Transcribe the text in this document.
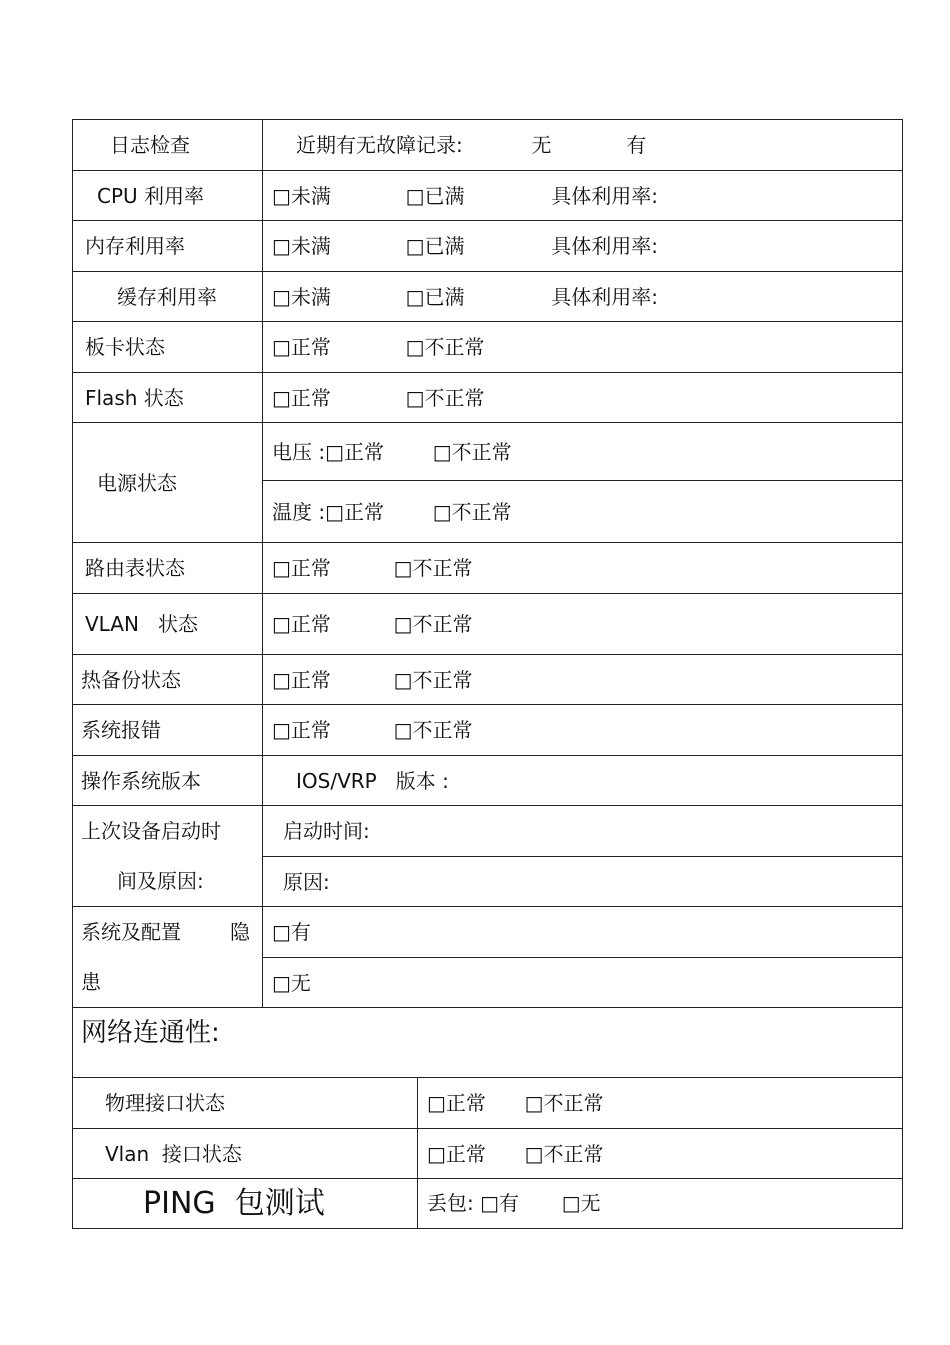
日志检查	近期有无故障记录: 无 有
CPU 利用率	□未满 □已满 具体利用率:
内存利用率	□未满 □已满 具体利用率:
缓存利用率	□未满 □已满 具体利用率:
板卡状态	□正常 □不正常
Flash 状态	□正常 □不正常
电源状态	电压 :□正常 □不正常
	温度 :□正常 □不正常
路由表状态	□正常 □不正常
VLAN   状态	□正常 □不正常
热备份状态	□正常 □不正常
系统报错	□正常 □不正常
操作系统版本	IOS/VRP   版本 :

上次设备启动时
间及原因:	启动时间:
	原因:

系统及配置 隐
患	□有
	□无
网络连通性:	
物理接口状态	□正常 □不正常
Vlan  接口状态	□正常 □不正常
PING  包测试	丢包: □有 □无
